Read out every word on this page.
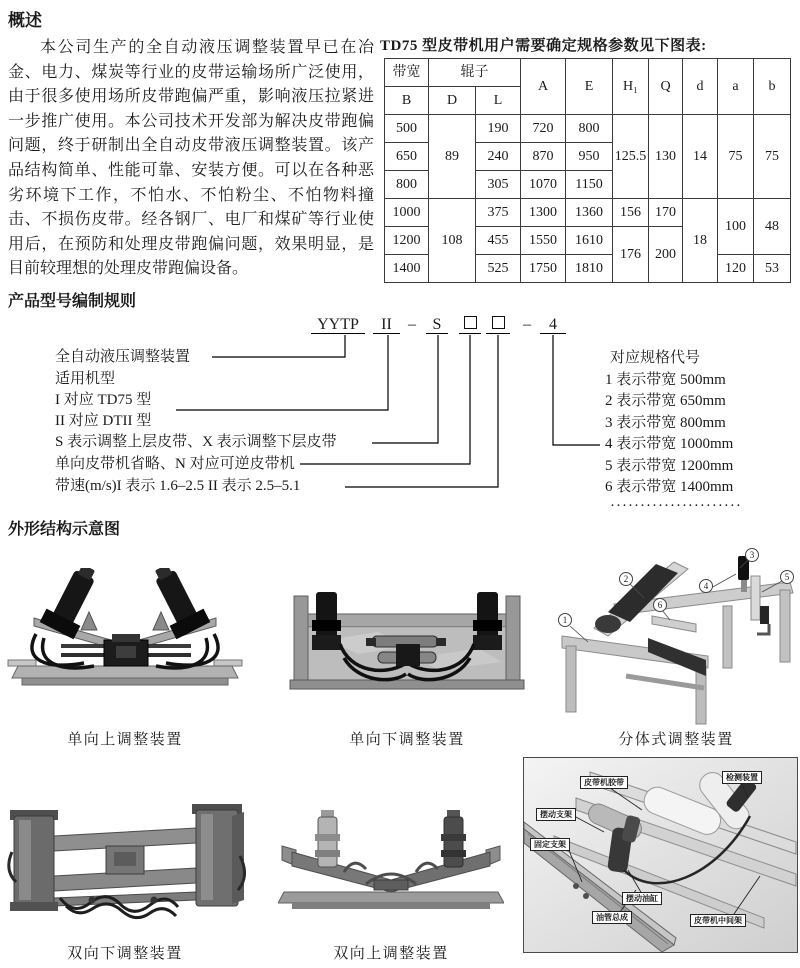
概述
本公司生产的全自动液压调整装置早已在冶金、电力、煤炭等行业的皮带运输场所广泛使用，由于很多使用场所皮带跑偏严重，影响液压拉紧进一步推广使用。本公司技术开发部为解决皮带跑偏问题，终于研制出全自动皮带液压调整装置。该产品结构简单、性能可靠、安装方便。可以在各种恶劣环境下工作，不怕水、不怕粉尘、不怕物料撞击、不损伤皮带。经各钢厂、电厂和煤矿等行业使用后，在预防和处理皮带跑偏问题，效果明显，是目前较理想的处理皮带跑偏设备。
TD75 型皮带机用户需要确定规格参数见下图表:
带宽	辊子		A	E	H₁	Q	d	a	b
B	D	L							
500	89	190	720	800	125.5	130	14	75	75
650		240	870	950					
800		305	1070	1150					
1000	108	375	1300	1360	156	170	18	100	48
1200		455	1550	1610	176	200			
1400		525	1750	1810				120	53
产品型号编制规则
YYTP	II	–	S	–	4
全自动液压调整装置
适用机型
I 对应 TD75 型
II 对应 DTII 型
S 表示调整上层皮带、X 表示调整下层皮带
单向皮带机省略、N 对应可逆皮带机
带速(m/s)I 表示 1.6–2.5 II 表示 2.5–5.1
对应规格代号
1 表示带宽 500mm
2 表示带宽 650mm
3 表示带宽 800mm
4 表示带宽 1000mm
5 表示带宽 1200mm
6 表示带宽 1400mm
······················
外形结构示意图
单向上调整装置	单向下调整装置
1
2
3
4
5
6
分体式调整装置
双向下调整装置	双向上调整装置
皮带机胶带
检测装置
摆动支架
固定支架
摆动油缸
油管总成	皮带机中间架
